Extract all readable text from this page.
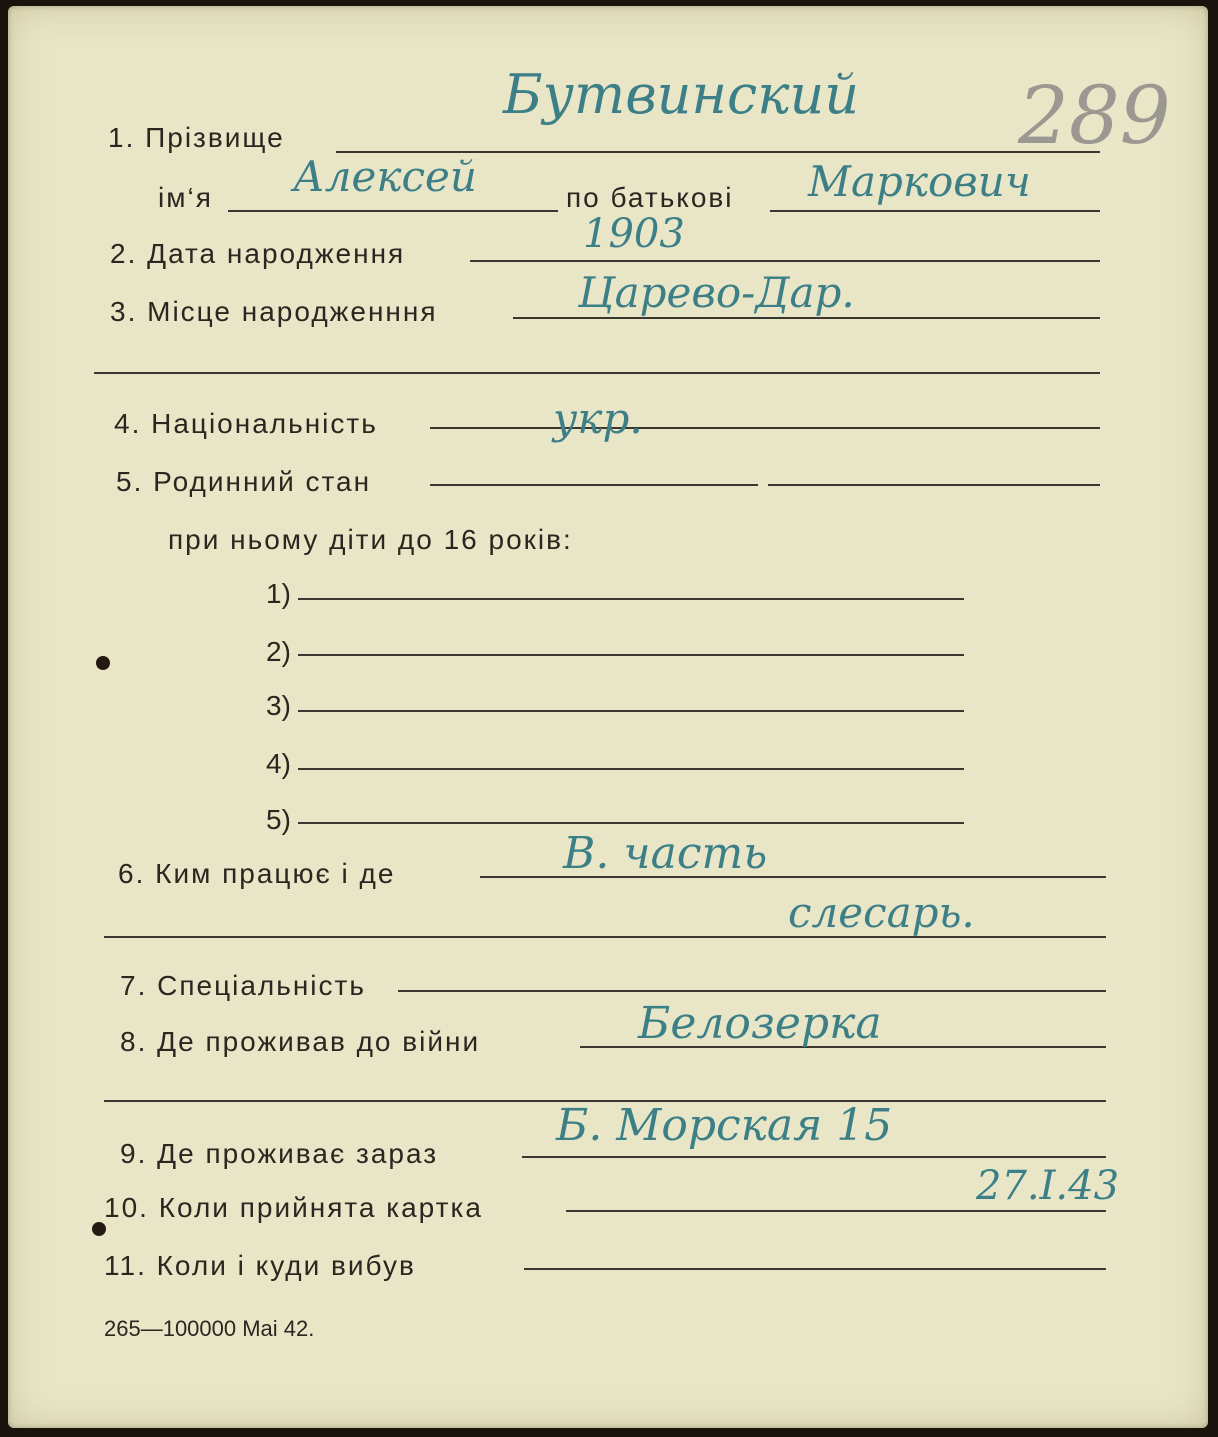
289
1. Прізвище
Бутвинский
ім‘я Алексей	по батькові Маркович
2. Дата народження	1903
3. Місце народженння	Царево-Дар.
4. Національність	укр.
5. Родинний стан
при ньому діти до 16 років:
1)
2)
3)
4)
5)
6. Ким працює і де	В. часть
слесарь.
7. Спеціальність
8. Де проживав до війни	Белозерка
9. Де проживає зараз
Б. Морская 15
10. Коли прийнята картка	27.Ⅰ.43
11. Коли і куди вибув
265—100000 Mai 42.
